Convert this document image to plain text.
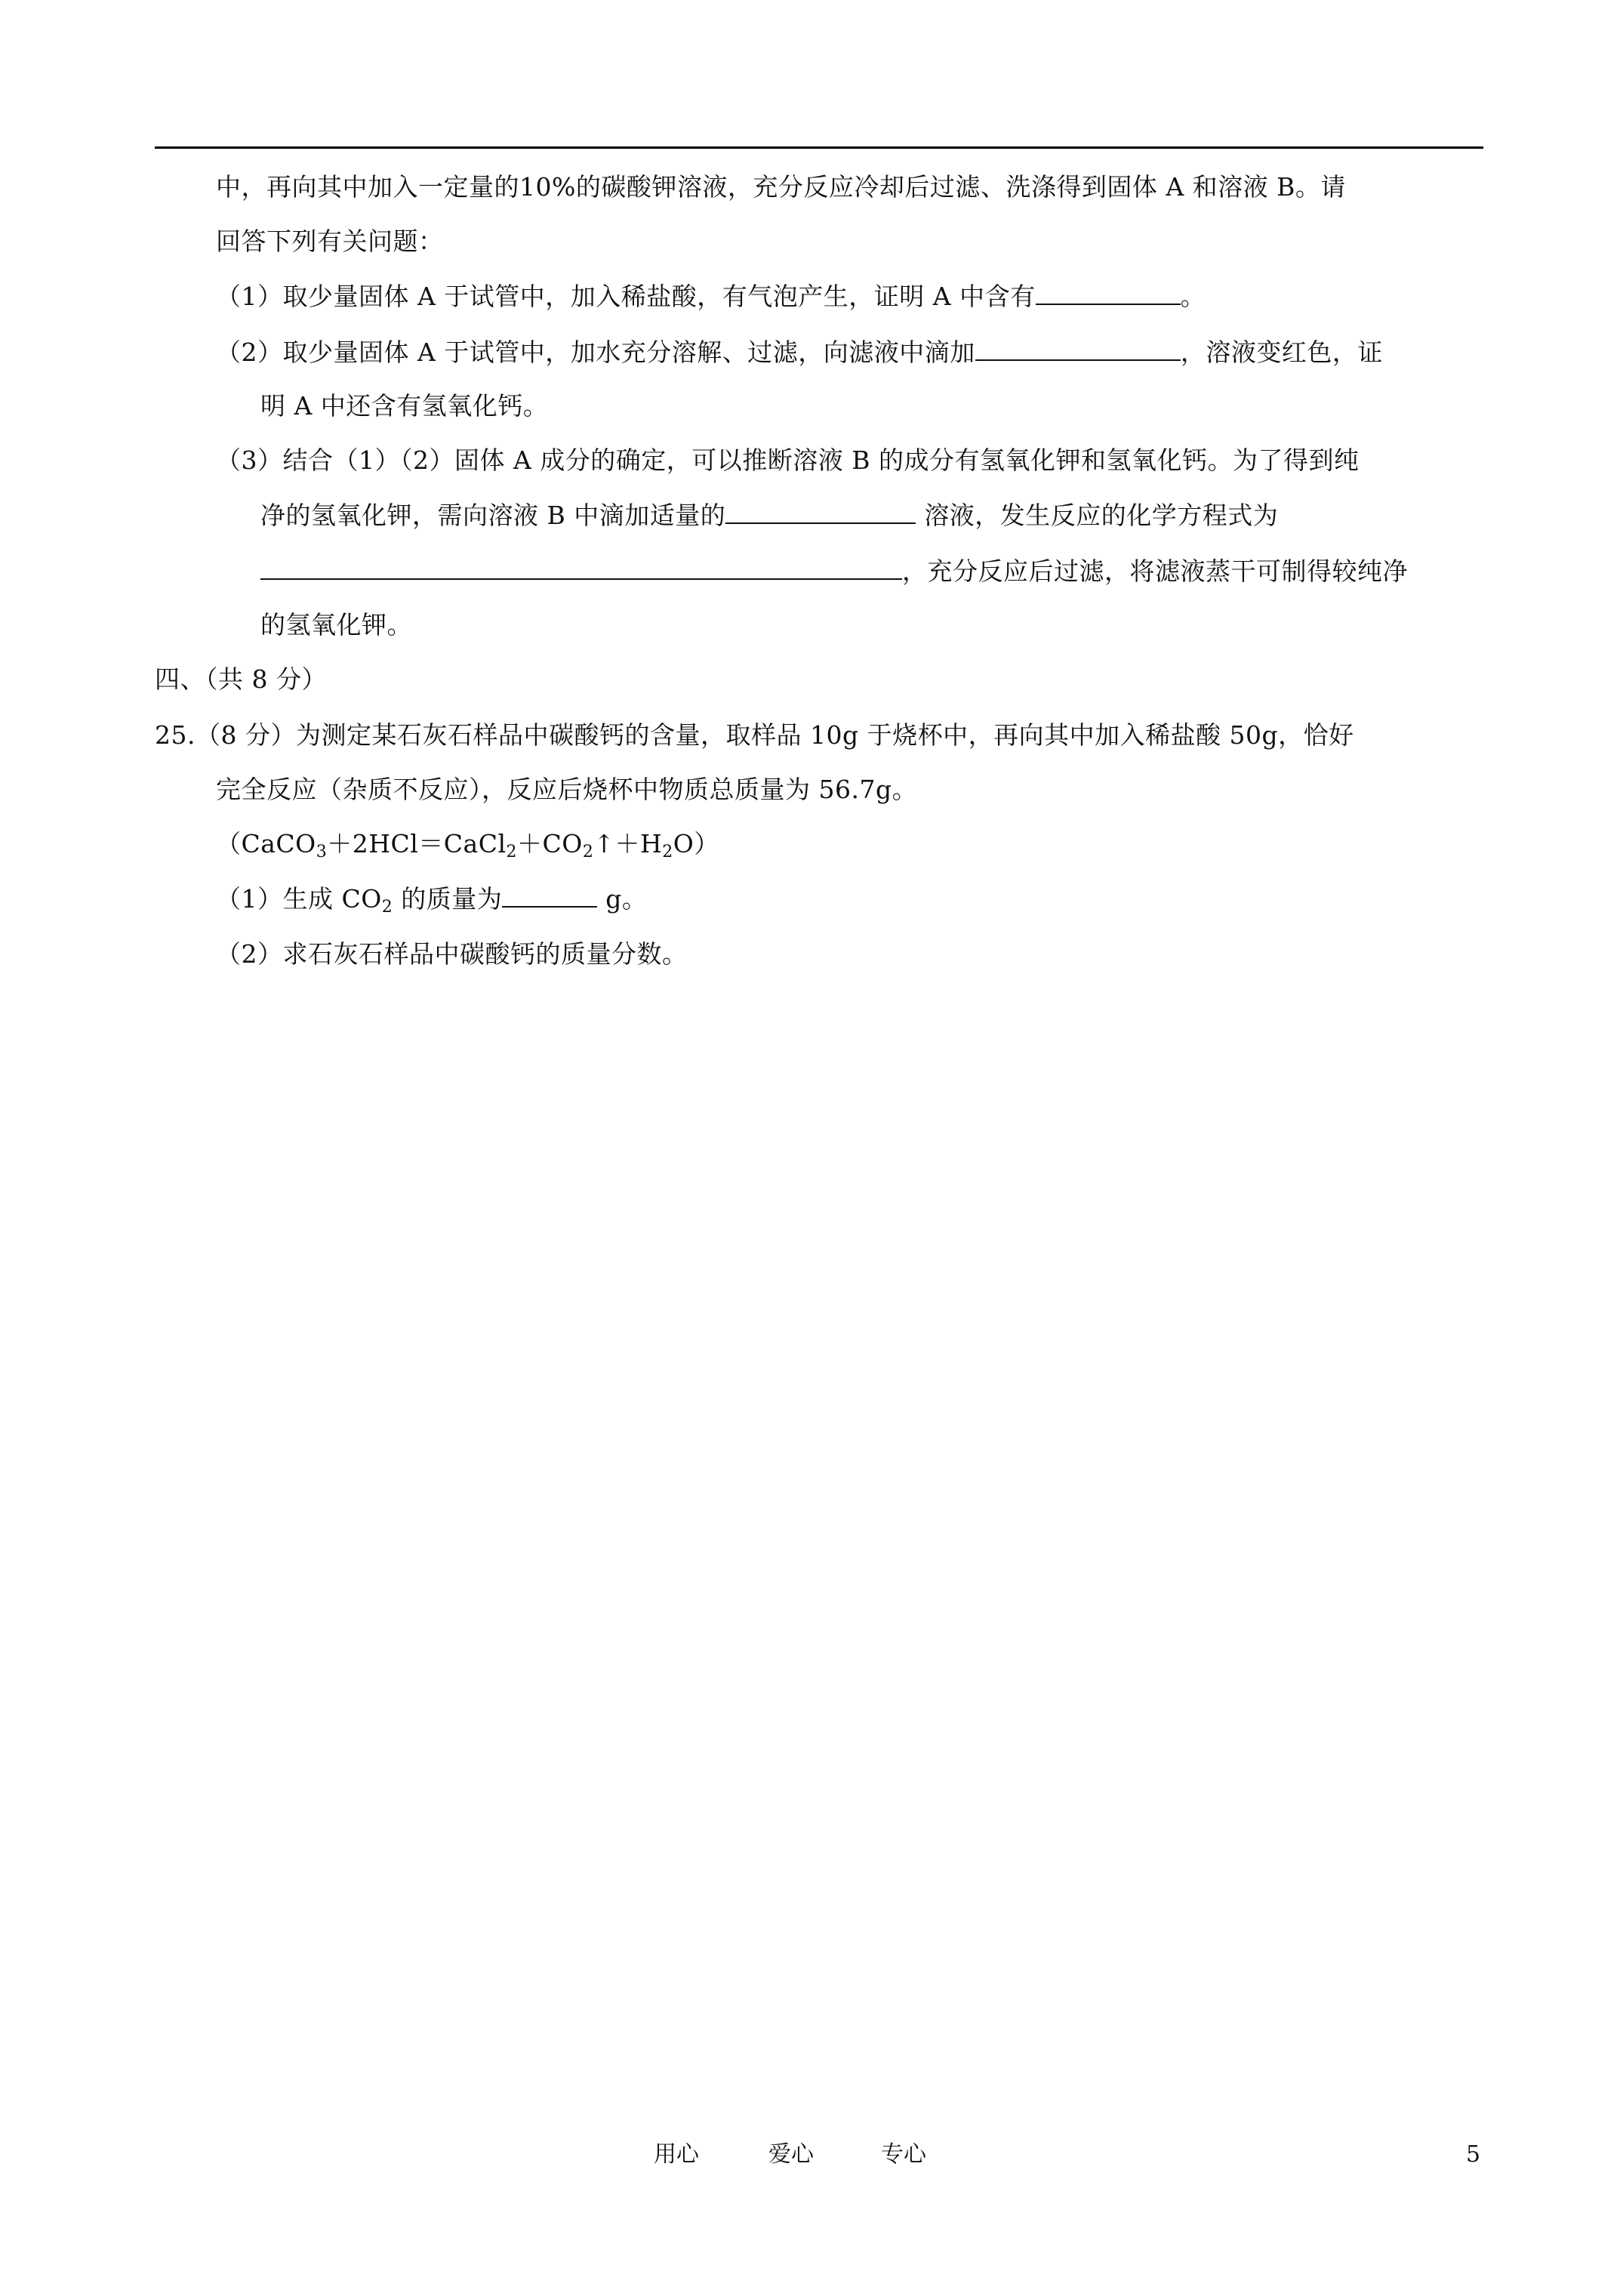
中，再向其中加入一定量的10%的碳酸钾溶液，充分反应冷却后过滤、洗涤得到固体 A 和溶液 B。请
回答下列有关问题：
（1）取少量固体 A 于试管中，加入稀盐酸，有气泡产生，证明 A 中含有	。
（2）取少量固体 A 于试管中，加水充分溶解、过滤，向滤液中滴加	，溶液变红色，证
明 A 中还含有氢氧化钙。
（3）结合（1）（2）固体 A 成分的确定，可以推断溶液 B 的成分有氢氧化钾和氢氧化钙。为了得到纯
净的氢氧化钾，需向溶液 B 中滴加适量的	溶液，发生反应的化学方程式为
，充分反应后过滤，将滤液蒸干可制得较纯净
的氢氧化钾。
四、（共 8 分）
25.（8 分）为测定某石灰石样品中碳酸钙的含量，取样品 10g 于烧杯中，再向其中加入稀盐酸 50g，恰好
完全反应（杂质不反应），反应后烧杯中物质总质量为 56.7g。
$(CaCO_3+2HCl=CaCl_2+CO_2↑+H_2O)$
（1）生成 $CO_2$ 的质量为	g。
（2）求石灰石样品中碳酸钙的质量分数。
用心	爱心	专心	5
